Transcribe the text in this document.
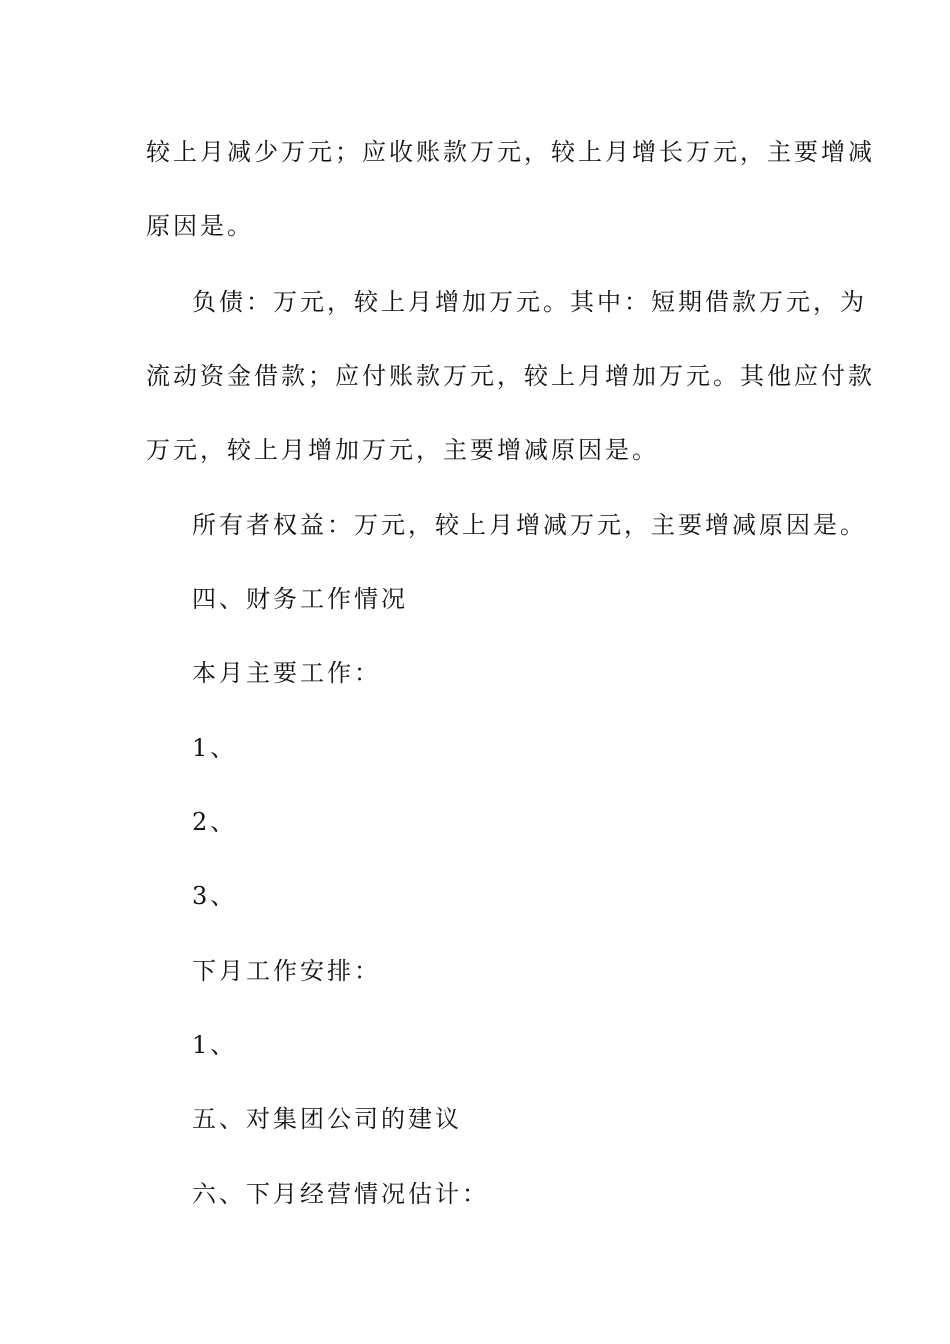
较上月减少万元；应收账款万元，较上月增长万元，主要增减
原因是。
负债：万元，较上月增加万元。其中：短期借款万元，为
流动资金借款；应付账款万元，较上月增加万元。其他应付款
万元，较上月增加万元，主要增减原因是。
所有者权益：万元，较上月增减万元，主要增减原因是。
四、财务工作情况
本月主要工作：
1、
2、
3、
下月工作安排：
1、
五、对集团公司的建议
六、下月经营情况估计：
